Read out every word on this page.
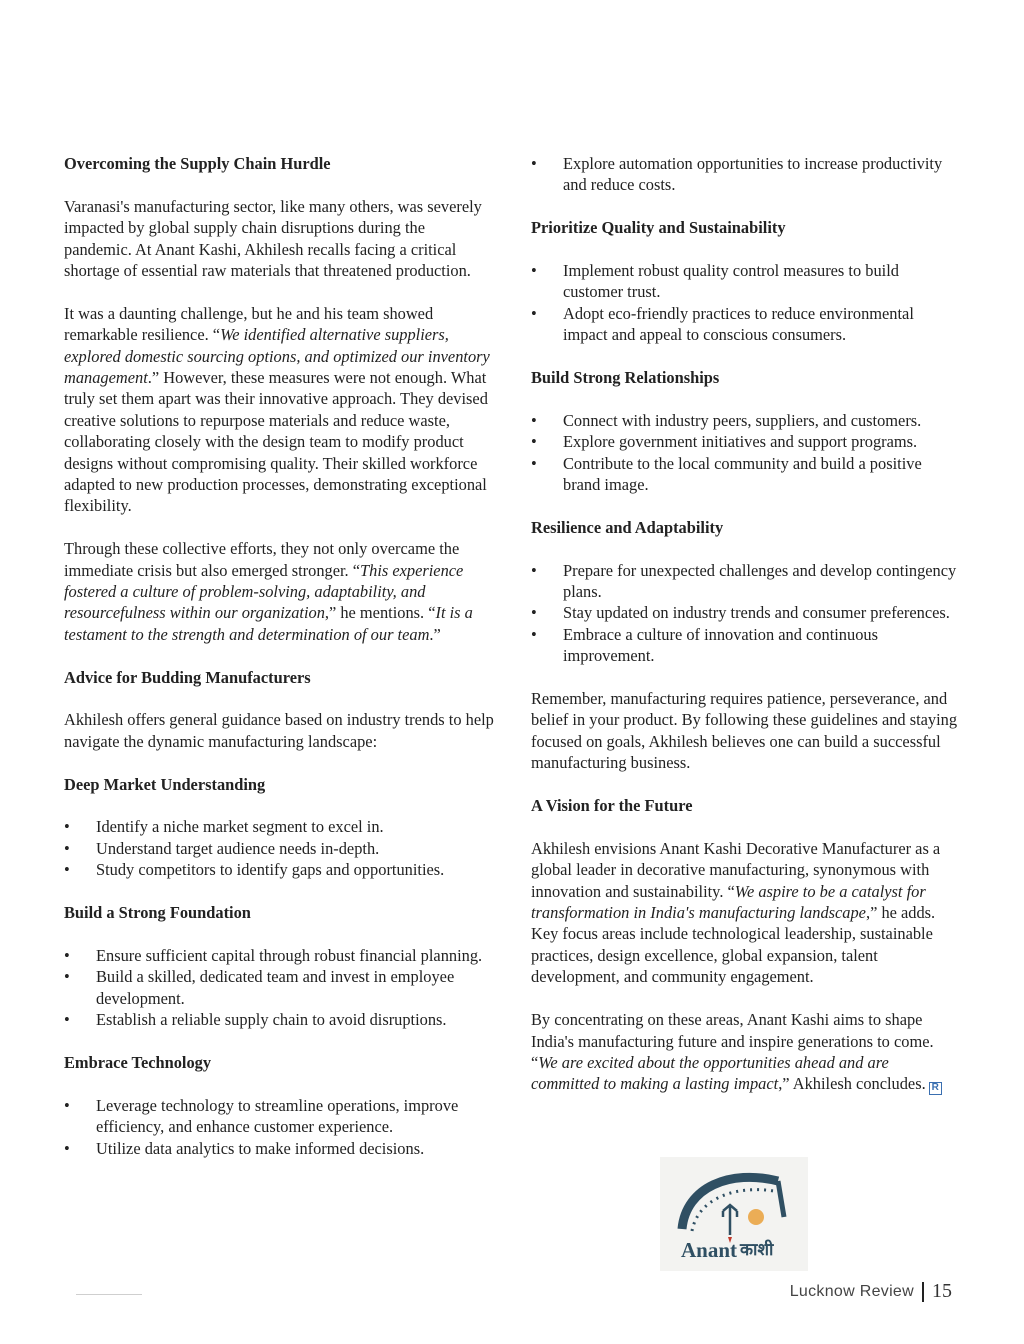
Overcoming the Supply Chain Hurdle
Varanasi's manufacturing sector, like many others, was severely impacted by global supply chain disruptions during the pandemic. At Anant Kashi, Akhilesh recalls facing a critical shortage of essential raw materials that threatened production.
It was a daunting challenge, but he and his team showed remarkable resilience. “We identified alternative suppliers, explored domestic sourcing options, and optimized our inventory management.” However, these measures were not enough. What truly set them apart was their innovative approach. They devised creative solutions to repurpose materials and reduce waste, collaborating closely with the design team to modify product designs without compromising quality. Their skilled workforce adapted to new production processes, demonstrating exceptional flexibility.
Through these collective efforts, they not only overcame the immediate crisis but also emerged stronger. “This experience fostered a culture of problem-solving, adaptability, and resourcefulness within our organization,” he mentions. “It is a testament to the strength and determination of our team.”
Advice for Budding Manufacturers
Akhilesh offers general guidance based on industry trends to help navigate the dynamic manufacturing landscape:
Deep Market Understanding
• Identify a niche market segment to excel in.
• Understand target audience needs in-depth.
• Study competitors to identify gaps and opportunities.
Build a Strong Foundation
• Ensure sufficient capital through robust financial planning.
• Build a skilled, dedicated team and invest in employee development.
• Establish a reliable supply chain to avoid disruptions.
Embrace Technology
• Leverage technology to streamline operations, improve efficiency, and enhance customer experience.
• Utilize data analytics to make informed decisions.
• Explore automation opportunities to increase productivity and reduce costs.
Prioritize Quality and Sustainability
• Implement robust quality control measures to build customer trust.
• Adopt eco-friendly practices to reduce environmental impact and appeal to conscious consumers.
Build Strong Relationships
• Connect with industry peers, suppliers, and customers.
• Explore government initiatives and support programs.
• Contribute to the local community and build a positive brand image.
Resilience and Adaptability
• Prepare for unexpected challenges and develop contingency plans.
• Stay updated on industry trends and consumer preferences.
• Embrace a culture of innovation and continuous improvement.
Remember, manufacturing requires patience, perseverance, and belief in your product. By following these guidelines and staying focused on goals, Akhilesh believes one can build a successful manufacturing business.
A Vision for the Future
Akhilesh envisions Anant Kashi Decorative Manufacturer as a global leader in decorative manufacturing, synonymous with innovation and sustainability. “We aspire to be a catalyst for transformation in India's manufacturing landscape,” he adds. Key focus areas include technological leadership, sustainable practices, design excellence, global expansion, talent development, and community engagement.
By concentrating on these areas, Anant Kashi aims to shape India's manufacturing future and inspire generations to come. “We are excited about the opportunities ahead and are committed to making a lasting impact,” Akhilesh concludes. R
Anant काशी
Lucknow Review 15
